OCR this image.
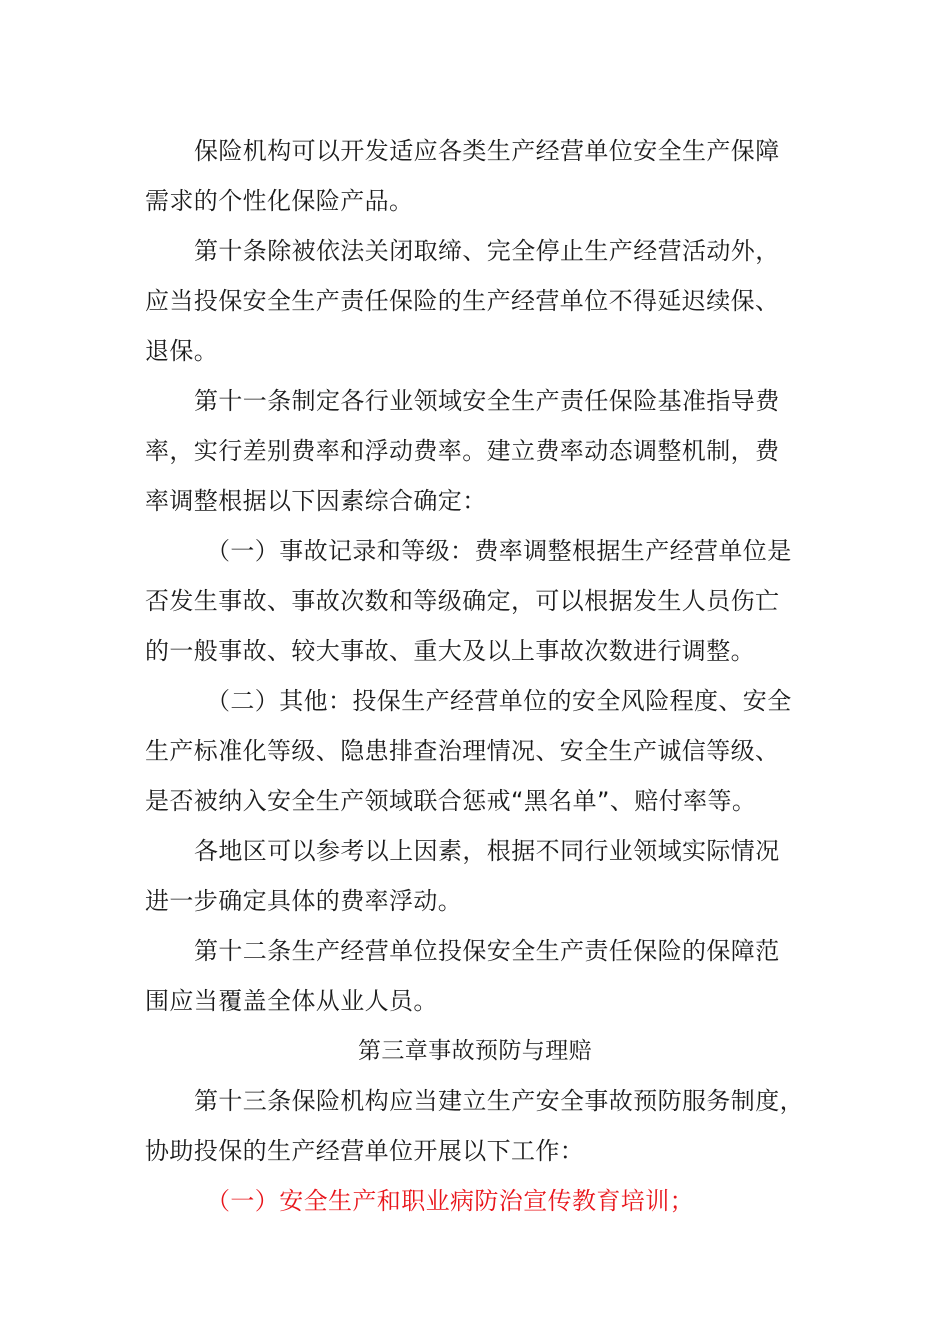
保险机构可以开发适应各类生产经营单位安全生产保障
需求的个性化保险产品。
第十条除被依法关闭取缔、完全停止生产经营活动外，
应当投保安全生产责任保险的生产经营单位不得延迟续保、
退保。
第十一条制定各行业领域安全生产责任保险基准指导费
率，实行差别费率和浮动费率。建立费率动态调整机制，费
率调整根据以下因素综合确定：
（一）事故记录和等级：费率调整根据生产经营单位是
否发生事故、事故次数和等级确定，可以根据发生人员伤亡
的一般事故、较大事故、重大及以上事故次数进行调整。
（二）其他：投保生产经营单位的安全风险程度、安全
生产标准化等级、隐患排查治理情况、安全生产诚信等级、
是否被纳入安全生产领域联合惩戒“黑名单”、赔付率等。
各地区可以参考以上因素，根据不同行业领域实际情况
进一步确定具体的费率浮动。
第十二条生产经营单位投保安全生产责任保险的保障范
围应当覆盖全体从业人员。
第三章事故预防与理赔
第十三条保险机构应当建立生产安全事故预防服务制度，
协助投保的生产经营单位开展以下工作：
（一）安全生产和职业病防治宣传教育培训；
